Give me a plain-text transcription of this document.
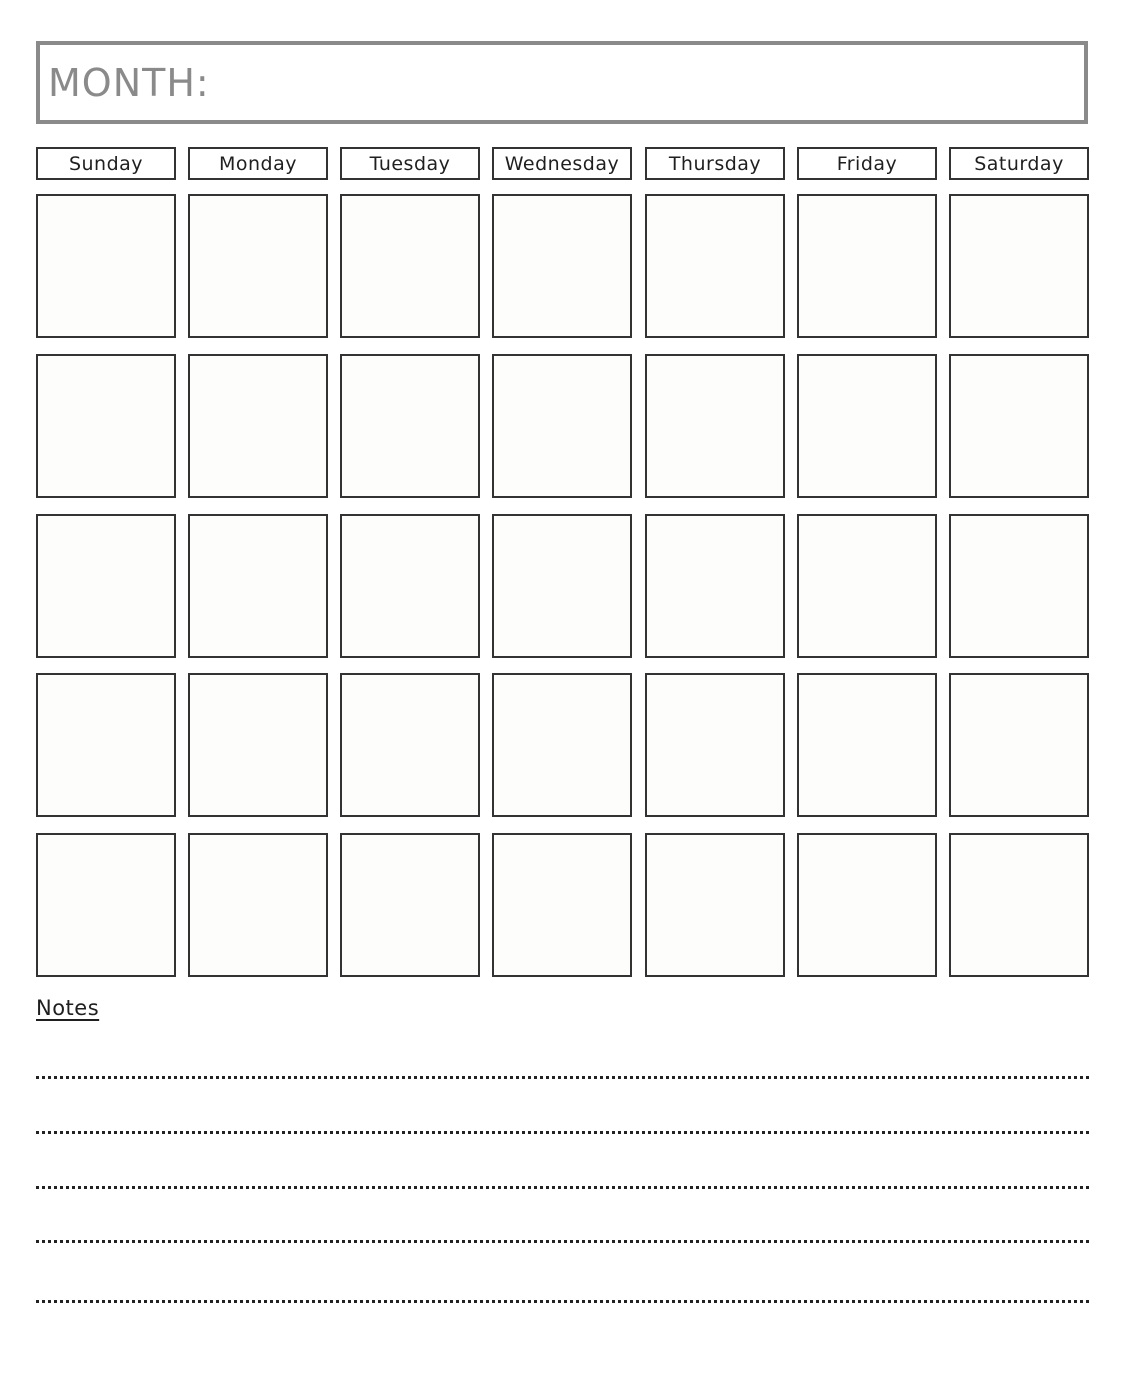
MONTH:
Sunday	Monday	Tuesday	Wednesday	Thursday	Friday	Saturday
Notes
